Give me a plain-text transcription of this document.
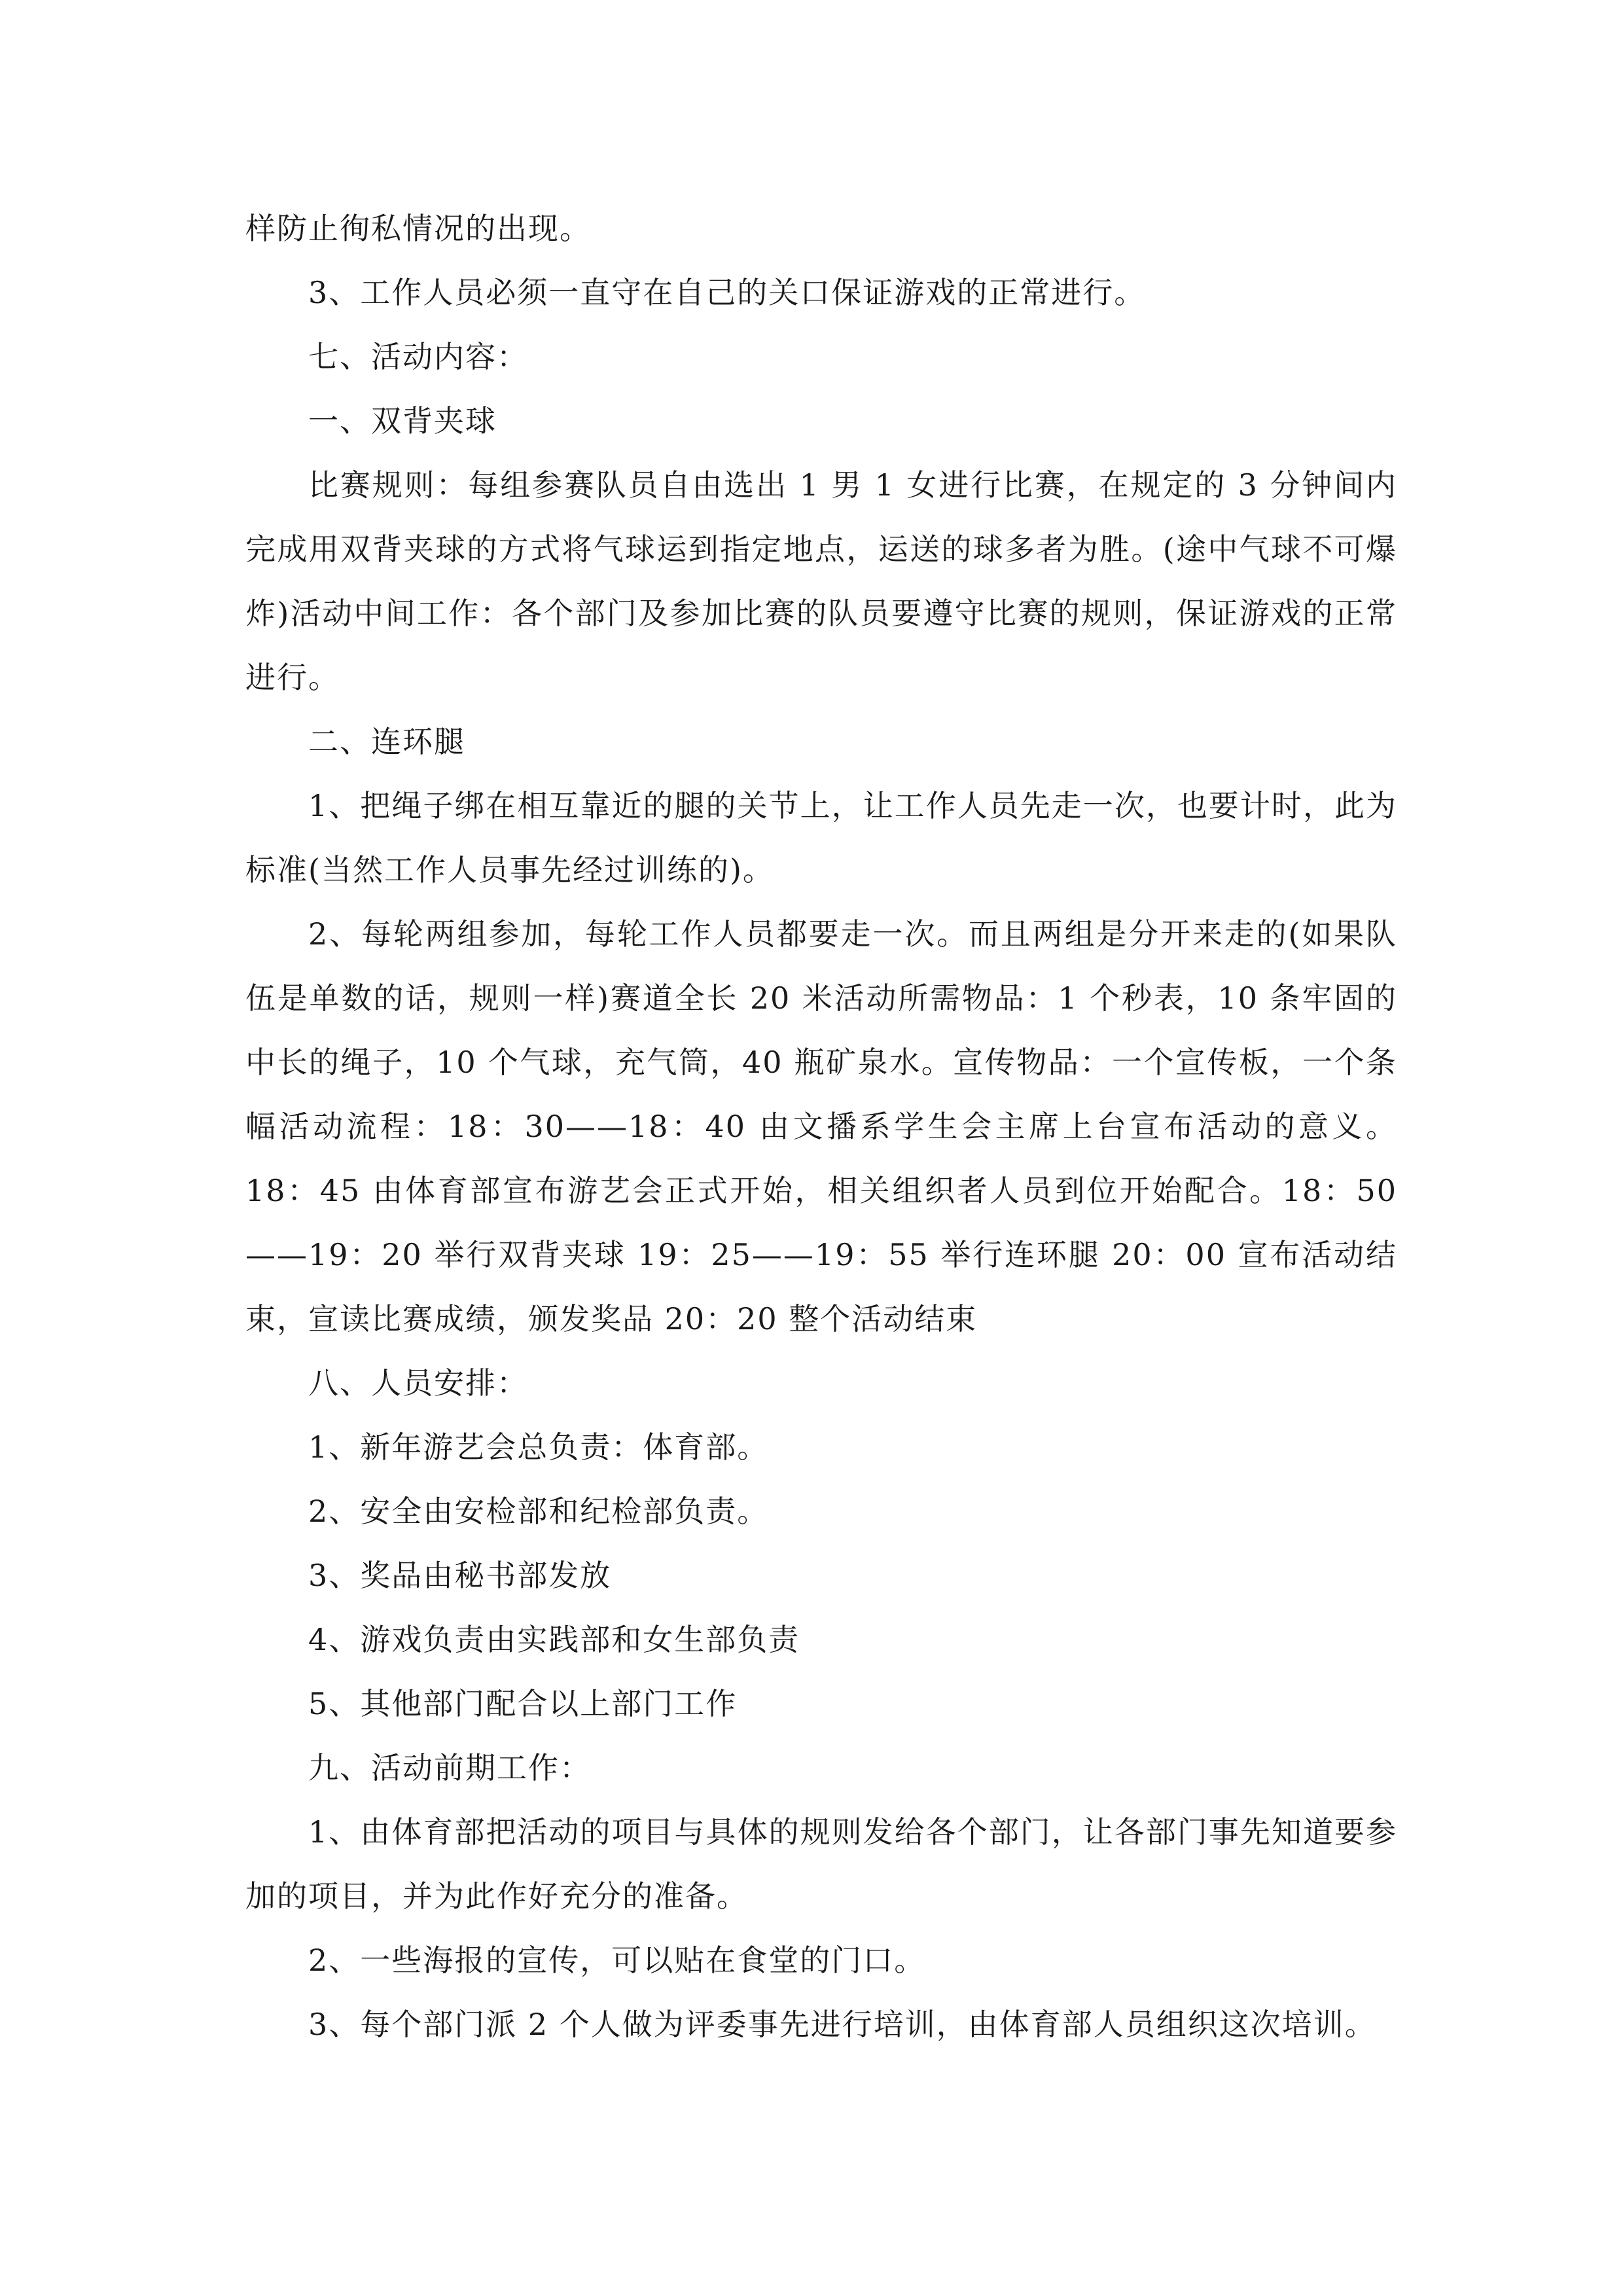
样防止徇私情况的出现。

3、工作人员必须一直守在自己的关口保证游戏的正常进行。

七、活动内容：

一、双背夹球

比赛规则：每组参赛队员自由选出 1 男 1 女进行比赛，在规定的 3 分钟间内完成用双背夹球的方式将气球运到指定地点，运送的球多者为胜。(途中气球不可爆炸)活动中间工作：各个部门及参加比赛的队员要遵守比赛的规则，保证游戏的正常进行。

二、连环腿

1、把绳子绑在相互靠近的腿的关节上，让工作人员先走一次，也要计时，此为标准(当然工作人员事先经过训练的)。

2、每轮两组参加，每轮工作人员都要走一次。而且两组是分开来走的(如果队伍是单数的话，规则一样)赛道全长 20 米活动所需物品：1 个秒表，10 条牢固的中长的绳子，10 个气球，充气筒，40 瓶矿泉水。宣传物品：一个宣传板，一个条幅活动流程：18：30——18：40 由文播系学生会主席上台宣布活动的意义。18：45 由体育部宣布游艺会正式开始，相关组织者人员到位开始配合。18：50——19：20 举行双背夹球 19：25——19：55 举行连环腿 20：00 宣布活动结束，宣读比赛成绩，颁发奖品 20：20 整个活动结束

八、人员安排：

1、新年游艺会总负责：体育部。

2、安全由安检部和纪检部负责。

3、奖品由秘书部发放

4、游戏负责由实践部和女生部负责

5、其他部门配合以上部门工作

九、活动前期工作：

1、由体育部把活动的项目与具体的规则发给各个部门，让各部门事先知道要参加的项目，并为此作好充分的准备。

2、一些海报的宣传，可以贴在食堂的门口。

3、每个部门派 2 个人做为评委事先进行培训，由体育部人员组织这次培训。
